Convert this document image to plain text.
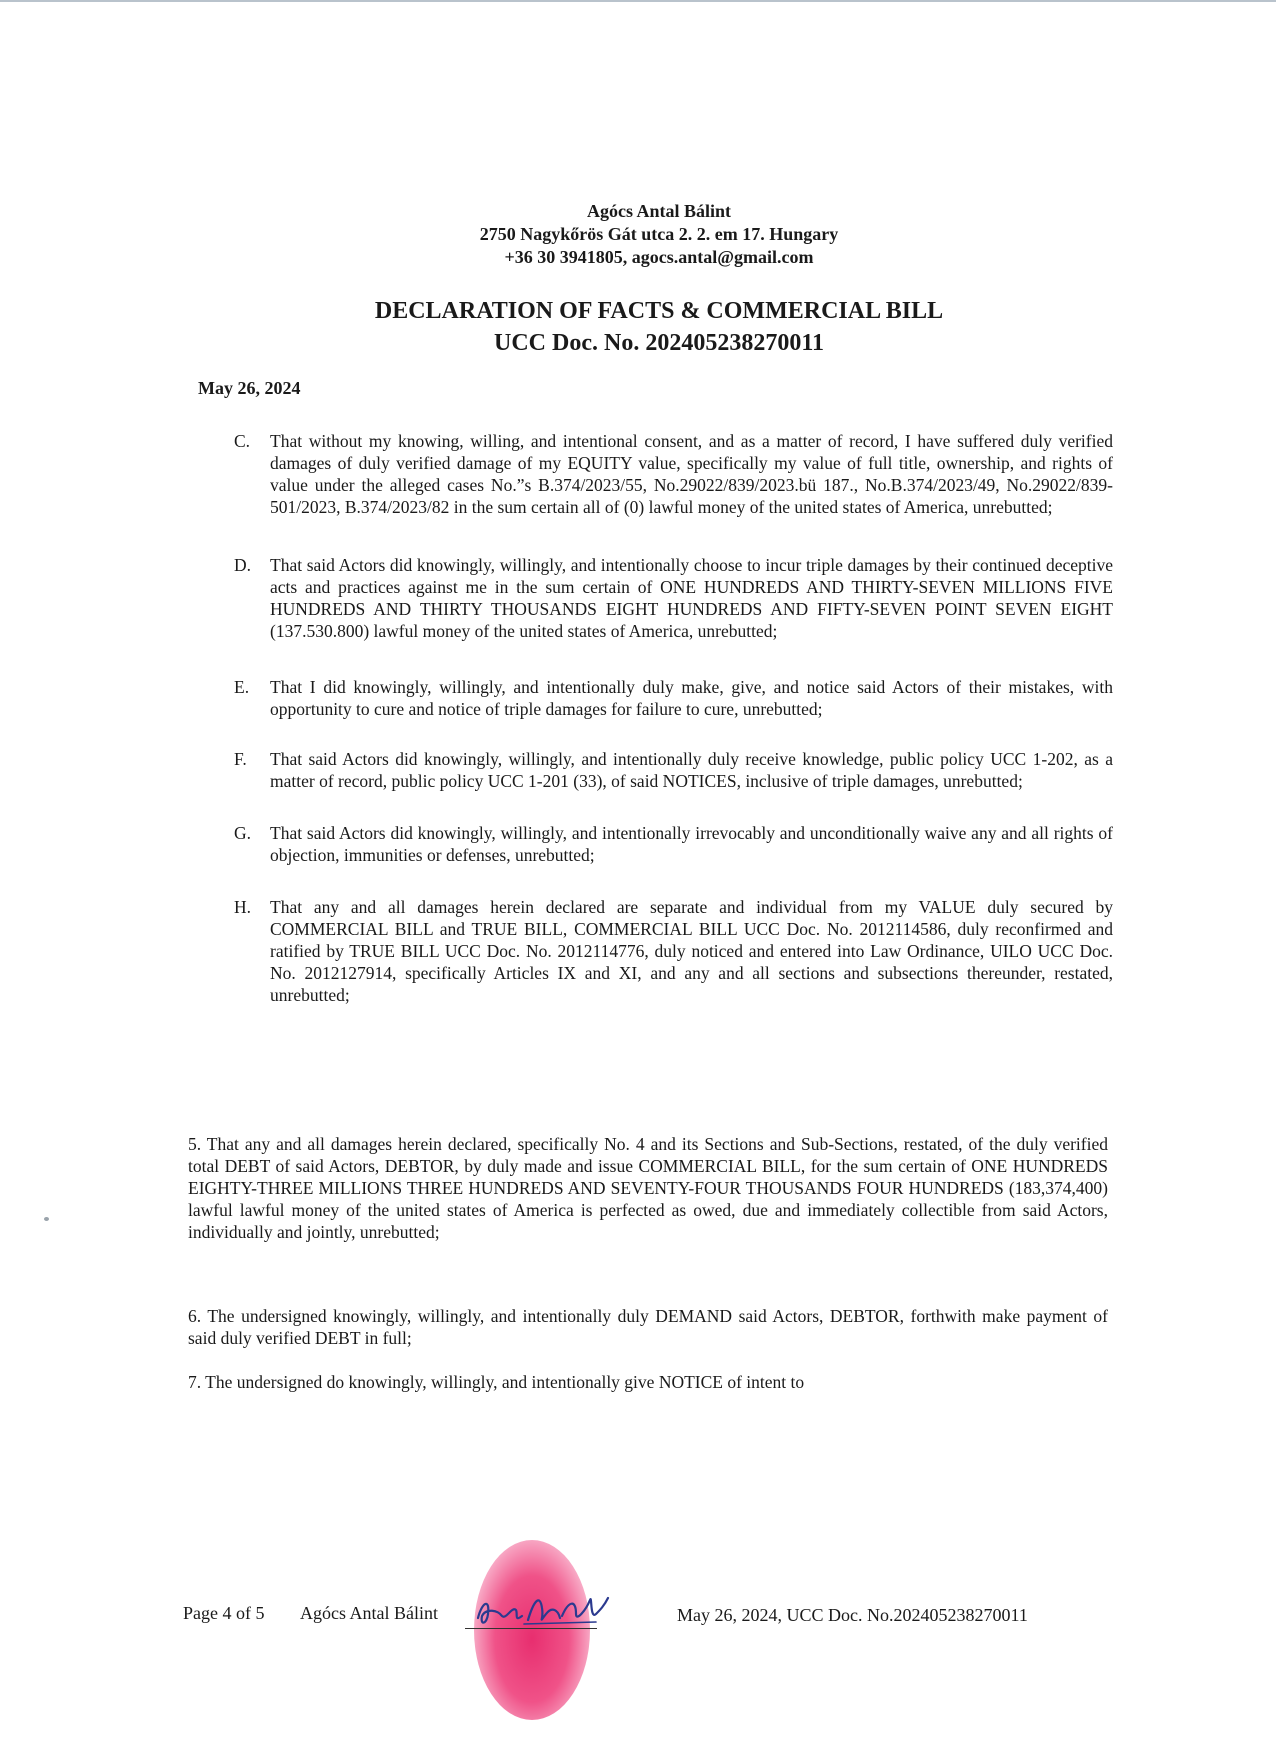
Agócs Antal Bálint
2750 Nagykőrös Gát utca 2. 2. em 17. Hungary
+36 30 3941805, agocs.antal@gmail.com
DECLARATION OF FACTS & COMMERCIAL BILL
UCC Doc. No. 202405238270011
May 26, 2024
C. That without my knowing, willing, and intentional consent, and as a matter of record, I have suffered duly verified damages of duly verified damage of my EQUITY value, specifically my value of full title, ownership, and rights of value under the alleged cases No.”s B.374/2023/55, No.29022/839/2023.bü 187., No.B.374/2023/49, No.29022/839-501/2023, B.374/2023/82 in the sum certain all of (0) lawful money of the united states of America, unrebutted;
D. That said Actors did knowingly, willingly, and intentionally choose to incur triple damages by their continued deceptive acts and practices against me in the sum certain of ONE HUNDREDS AND THIRTY-SEVEN MILLIONS FIVE HUNDREDS AND THIRTY THOUSANDS EIGHT HUNDREDS AND FIFTY-SEVEN POINT SEVEN EIGHT (137.530.800) lawful money of the united states of America, unrebutted;
E. That I did knowingly, willingly, and intentionally duly make, give, and notice said Actors of their mistakes, with opportunity to cure and notice of triple damages for failure to cure, unrebutted;
F. That said Actors did knowingly, willingly, and intentionally duly receive knowledge, public policy UCC 1-202, as a matter of record, public policy UCC 1-201 (33), of said NOTICES, inclusive of triple damages, unrebutted;
G. That said Actors did knowingly, willingly, and intentionally irrevocably and unconditionally waive any and all rights of objection, immunities or defenses, unrebutted;
H. That any and all damages herein declared are separate and individual from my VALUE duly secured by COMMERCIAL BILL and TRUE BILL, COMMERCIAL BILL UCC Doc. No. 2012114586, duly reconfirmed and ratified by TRUE BILL UCC Doc. No. 2012114776, duly noticed and entered into Law Ordinance, UILO UCC Doc. No. 2012127914, specifically Articles IX and XI, and any and all sections and subsections thereunder, restated, unrebutted;
5. That any and all damages herein declared, specifically No. 4 and its Sections and Sub-Sections, restated, of the duly verified total DEBT of said Actors, DEBTOR, by duly made and issue COMMERCIAL BILL, for the sum certain of ONE HUNDREDS EIGHTY-THREE MILLIONS THREE HUNDREDS AND SEVENTY-FOUR THOUSANDS FOUR HUNDREDS (183,374,400) lawful lawful money of the united states of America is perfected as owed, due and immediately collectible from said Actors, individually and jointly, unrebutted;
6. The undersigned knowingly, willingly, and intentionally duly DEMAND said Actors, DEBTOR, forthwith make payment of said duly verified DEBT in full;
7. The undersigned do knowingly, willingly, and intentionally give NOTICE of intent to
Page 4 of 5 Agócs Antal Bálint	May 26, 2024, UCC Doc. No.202405238270011
